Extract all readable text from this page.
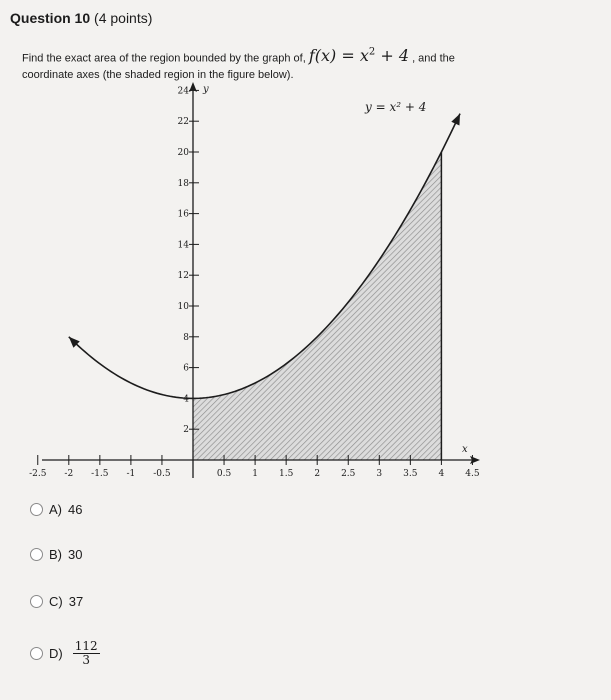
Question 10 (4 points)
Find the exact area of the region bounded by the graph of, $f(x) = x^2 + 4$ , and the
coordinate axes (the shaded region in the figure below).
x
y
-2.5 -2 -1.5 -1 -0.5	0.5 1 1.5 2 2.5 3 3.5 4 4.5
2
4
6
8
10
12
14
16
18
20
22
24
y = x² + 4
A) 46
B) 30
C) 37
$D) \frac{112}{3}$
